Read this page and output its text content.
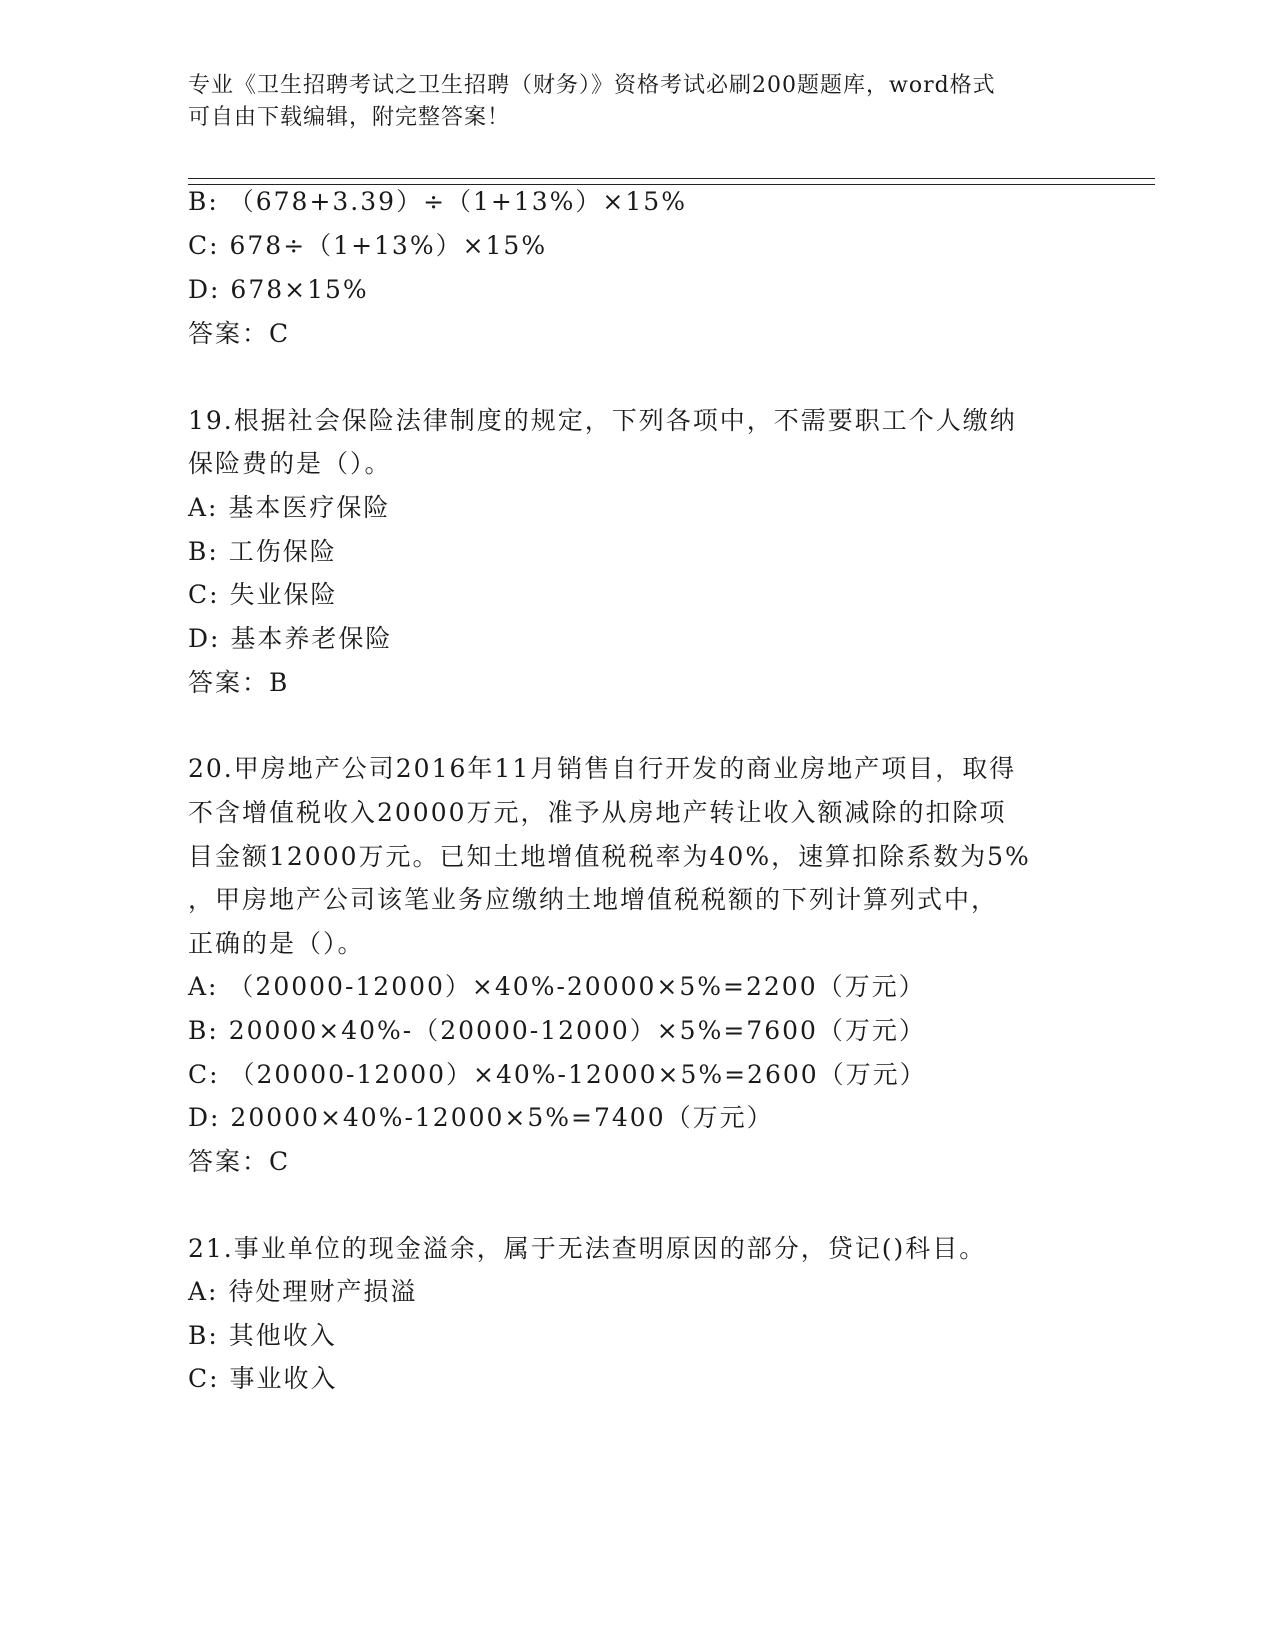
专业《卫生招聘考试之卫生招聘（财务）》资格考试必刷200题题库，word格式
可自由下载编辑，附完整答案！
B: （678+3.39）÷（1+13%）×15%
C: 678÷（1+13%）×15%
D: 678×15%
答案：C
19.根据社会保险法律制度的规定，下列各项中，不需要职工个人缴纳
保险费的是（）。
A: 基本医疗保险
B: 工伤保险
C: 失业保险
D: 基本养老保险
答案：B
20.甲房地产公司2016年11月销售自行开发的商业房地产项目，取得
不含增值税收入20000万元，准予从房地产转让收入额减除的扣除项
目金额12000万元。已知土地增值税税率为40%，速算扣除系数为5%
，甲房地产公司该笔业务应缴纳土地增值税税额的下列计算列式中，
正确的是（）。
A: （20000-12000）×40%-20000×5%=2200（万元）
B: 20000×40%-（20000-12000）×5%=7600（万元）
C: （20000-12000）×40%-12000×5%=2600（万元）
D: 20000×40%-12000×5%=7400（万元）
答案：C
21.事业单位的现金溢余，属于无法查明原因的部分，贷记()科目。
A: 待处理财产损溢
B: 其他收入
C: 事业收入
